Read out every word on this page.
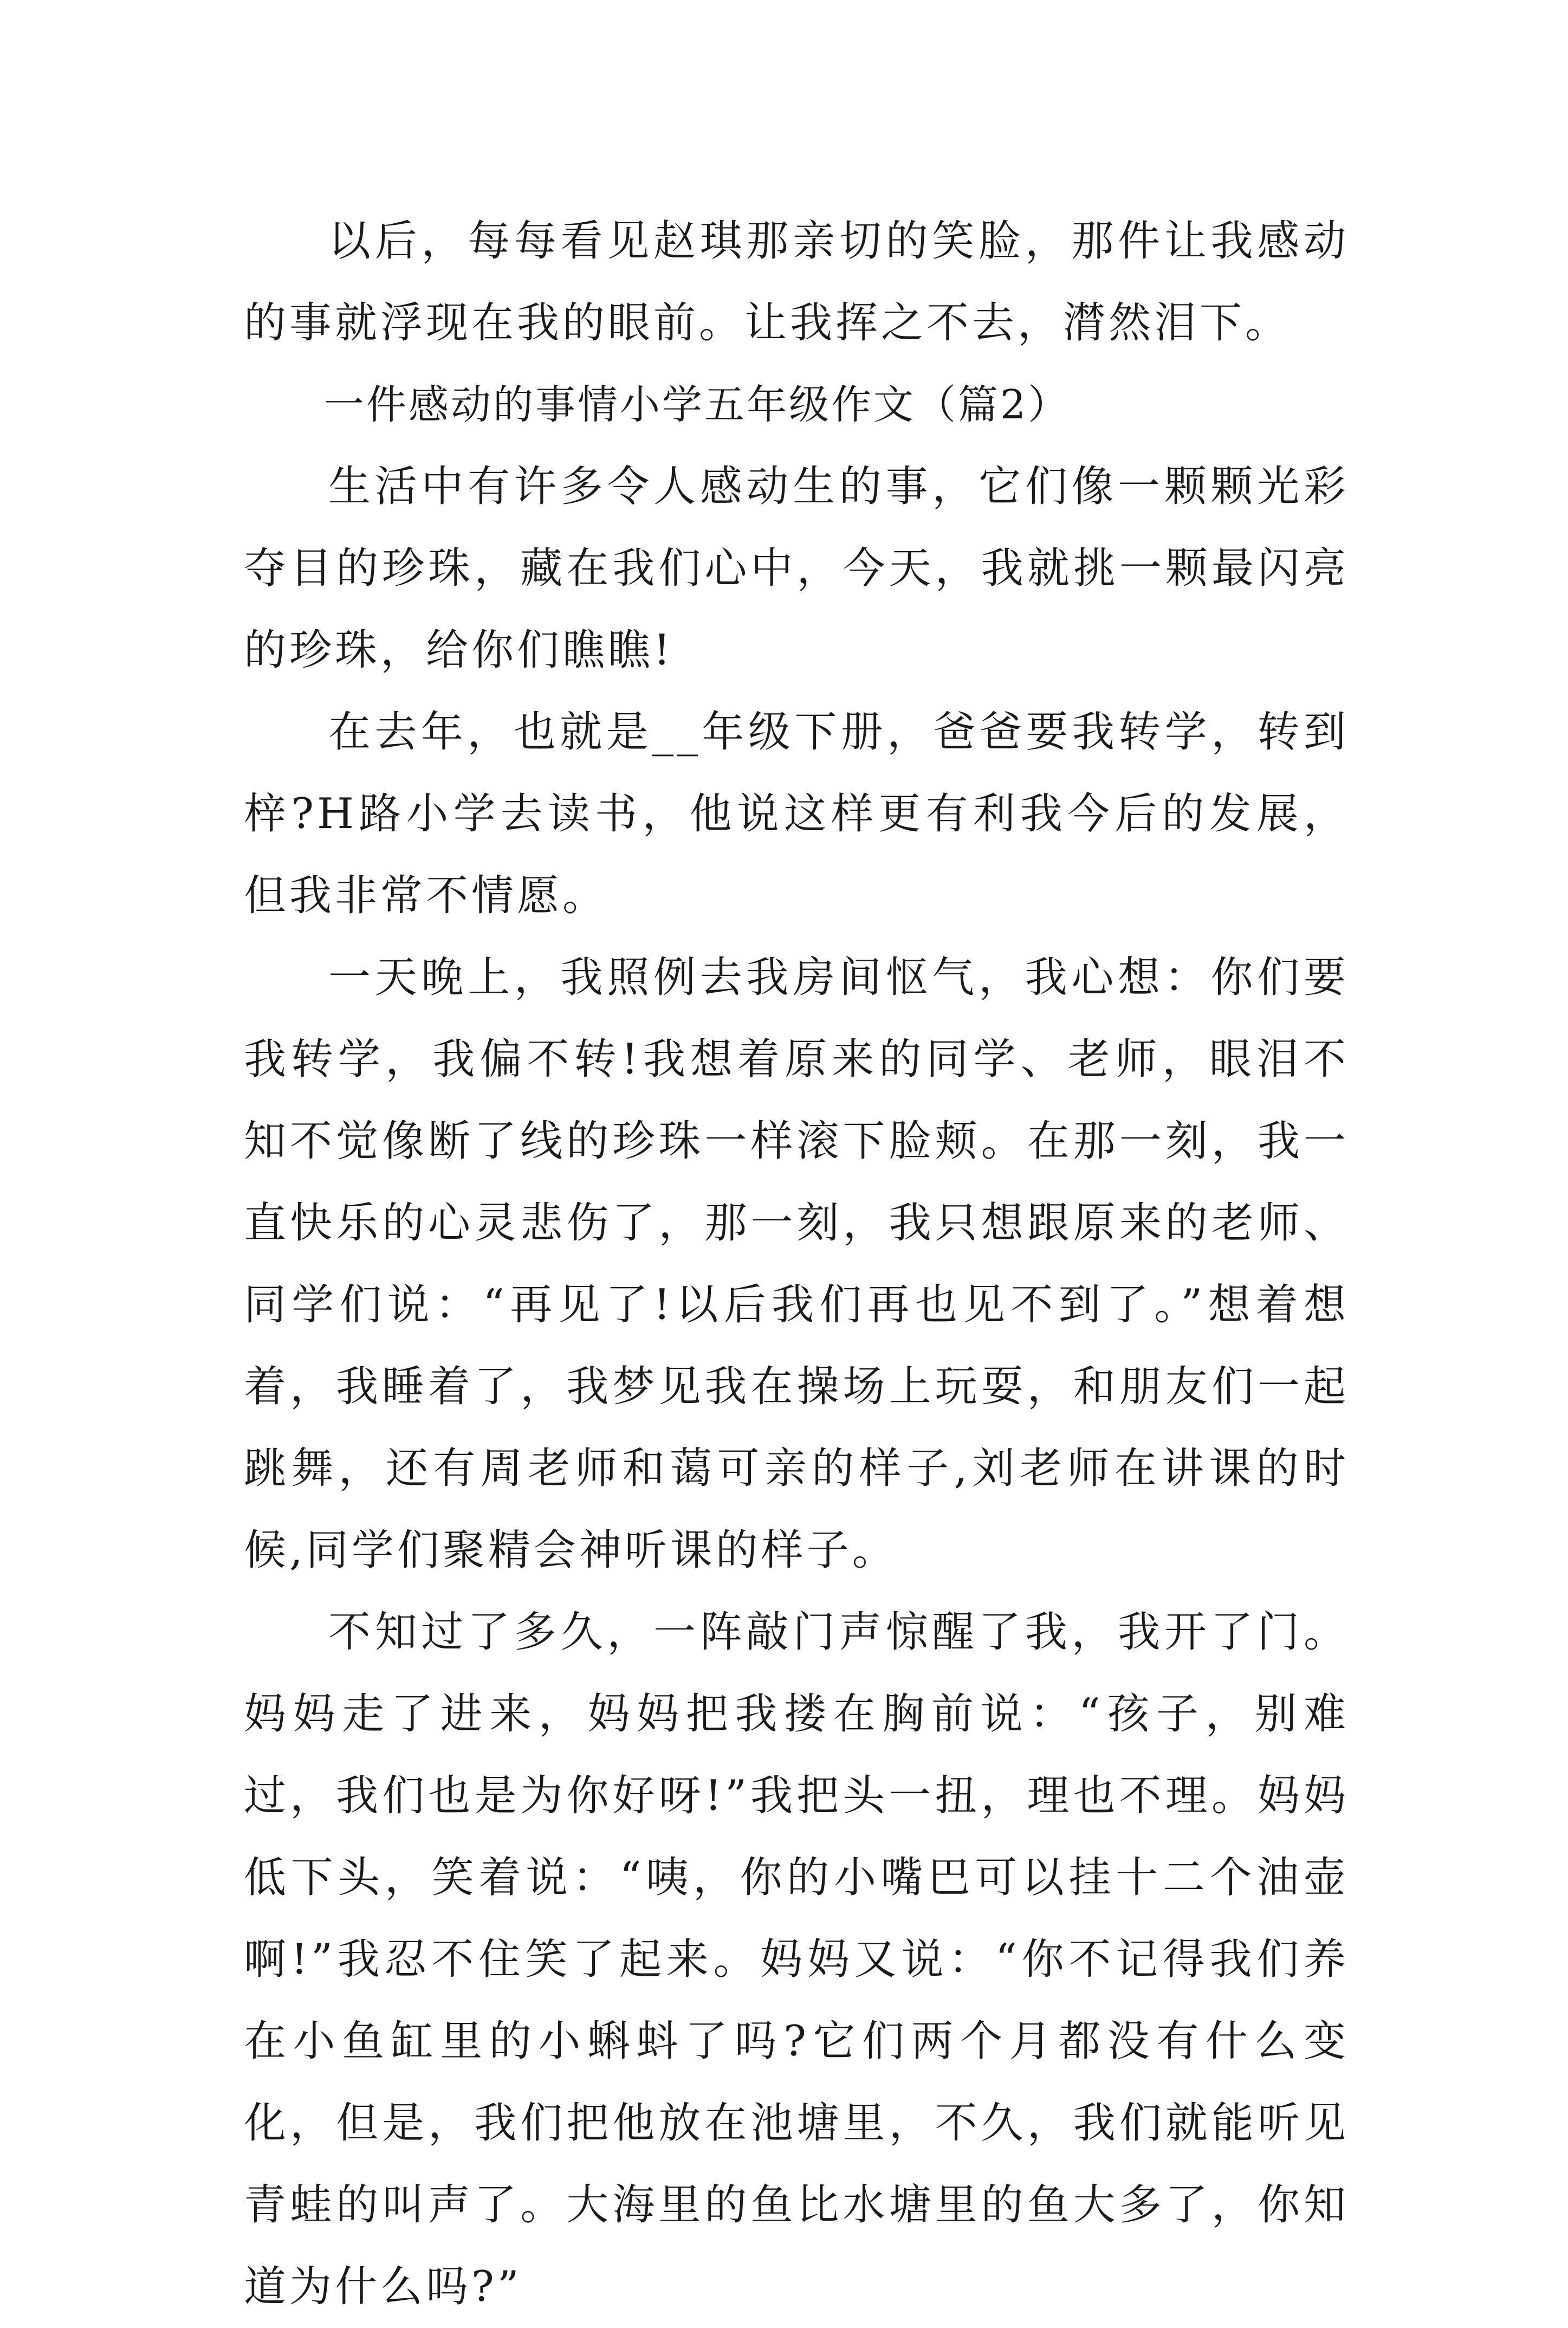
以后，每每看见赵琪那亲切的笑脸，那件让我感动的事就浮现在我的眼前。让我挥之不去，潸然泪下。

一件感动的事情小学五年级作文（篇2）

生活中有许多令人感动生的事，它们像一颗颗光彩夺目的珍珠，藏在我们心中，今天，我就挑一颗最闪亮的珍珠，给你们瞧瞧!

在去年，也就是__年级下册，爸爸要我转学，转到梓?H路小学去读书，他说这样更有利我今后的发展，但我非常不情愿。

一天晚上，我照例去我房间怄气，我心想：你们要我转学，我偏不转!我想着原来的同学、老师，眼泪不知不觉像断了线的珍珠一样滚下脸颊。在那一刻，我一直快乐的心灵悲伤了，那一刻，我只想跟原来的老师、同学们说：“再见了!以后我们再也见不到了。”想着想着，我睡着了，我梦见我在操场上玩耍，和朋友们一起跳舞，还有周老师和蔼可亲的样子,刘老师在讲课的时候,同学们聚精会神听课的样子。

不知过了多久，一阵敲门声惊醒了我，我开了门。妈妈走了进来，妈妈把我搂在胸前说：“孩子，别难过，我们也是为你好呀!”我把头一扭，理也不理。妈妈低下头，笑着说：“咦，你的小嘴巴可以挂十二个油壶啊!”我忍不住笑了起来。妈妈又说：“你不记得我们养在小鱼缸里的小蝌蚪了吗?它们两个月都没有什么变化，但是，我们把他放在池塘里，不久，我们就能听见青蛙的叫声了。大海里的鱼比水塘里的鱼大多了，你知道为什么吗?”
